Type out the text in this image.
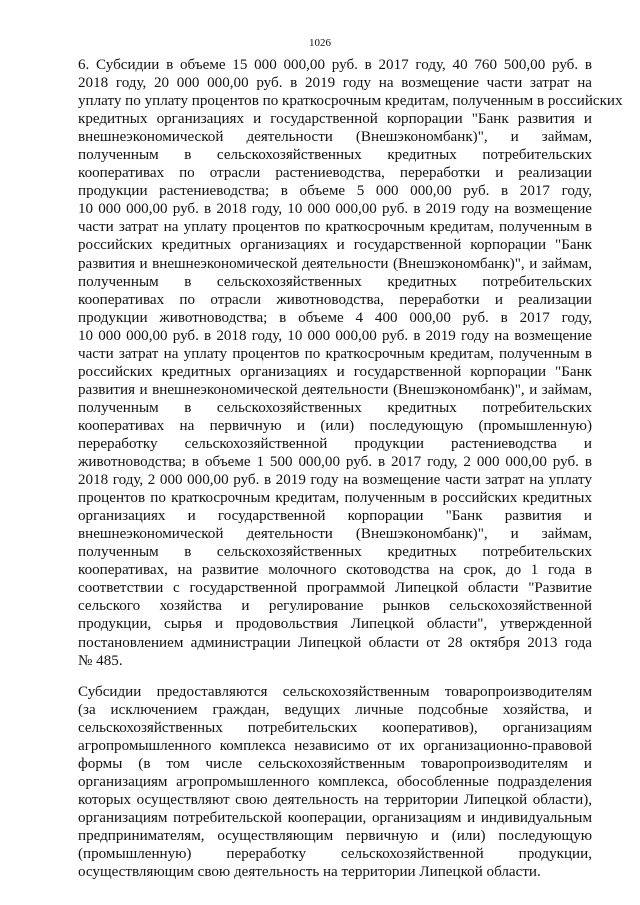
1026
6. Субсидии в объеме 15 000 000,00 руб. в 2017 году, 40 760 500,00 руб. в
2018 году, 20 000 000,00 руб. в 2019 году на возмещение части затрат на
уплату по уплату процентов по краткосрочным кредитам, полученным в российских
кредитных организациях и государственной корпорации "Банк развития и
внешнеэкономической деятельности (Внешэкономбанк)", и займам,
полученным в сельскохозяйственных кредитных потребительских
кооперативах по отрасли растениеводства, переработки и реализации
продукции растениеводства; в объеме 5 000 000,00 руб. в 2017 году,
10 000 000,00 руб. в 2018 году, 10 000 000,00 руб. в 2019 году на возмещение
части затрат на уплату процентов по краткосрочным кредитам, полученным в
российских кредитных организациях и государственной корпорации "Банк
развития и внешнеэкономической деятельности (Внешэкономбанк)", и займам,
полученным в сельскохозяйственных кредитных потребительских
кооперативах по отрасли животноводства, переработки и реализации
продукции животноводства; в объеме 4 400 000,00 руб. в 2017 году,
10 000 000,00 руб. в 2018 году, 10 000 000,00 руб. в 2019 году на возмещение
части затрат на уплату процентов по краткосрочным кредитам, полученным в
российских кредитных организациях и государственной корпорации "Банк
развития и внешнеэкономической деятельности (Внешэкономбанк)", и займам,
полученным в сельскохозяйственных кредитных потребительских
кооперативах на первичную и (или) последующую (промышленную)
переработку сельскохозяйственной продукции растениеводства и
животноводства; в объеме 1 500 000,00 руб. в 2017 году, 2 000 000,00 руб. в
2018 году, 2 000 000,00 руб. в 2019 году на возмещение части затрат на уплату
процентов по краткосрочным кредитам, полученным в российских кредитных
организациях и государственной корпорации "Банк развития и
внешнеэкономической деятельности (Внешэкономбанк)", и займам,
полученным в сельскохозяйственных кредитных потребительских
кооперативах, на развитие молочного скотоводства на срок, до 1 года в
соответствии с государственной программой Липецкой области "Развитие
сельского хозяйства и регулирование рынков сельскохозяйственной
продукции, сырья и продовольствия Липецкой области", утвержденной
постановлением администрации Липецкой области от 28 октября 2013 года
№ 485.
Субсидии предоставляются сельскохозяйственным товаропроизводителям
(за исключением граждан, ведущих личные подсобные хозяйства, и
сельскохозяйственных потребительских кооперативов), организациям
агропромышленного комплекса независимо от их организационно-правовой
формы (в том числе сельскохозяйственным товаропроизводителям и
организациям агропромышленного комплекса, обособленные подразделения
которых осуществляют свою деятельность на территории Липецкой области),
организациям потребительской кооперации, организациям и индивидуальным
предпринимателям, осуществляющим первичную и (или) последующую
(промышленную) переработку сельскохозяйственной продукции,
осуществляющим свою деятельность на территории Липецкой области.
